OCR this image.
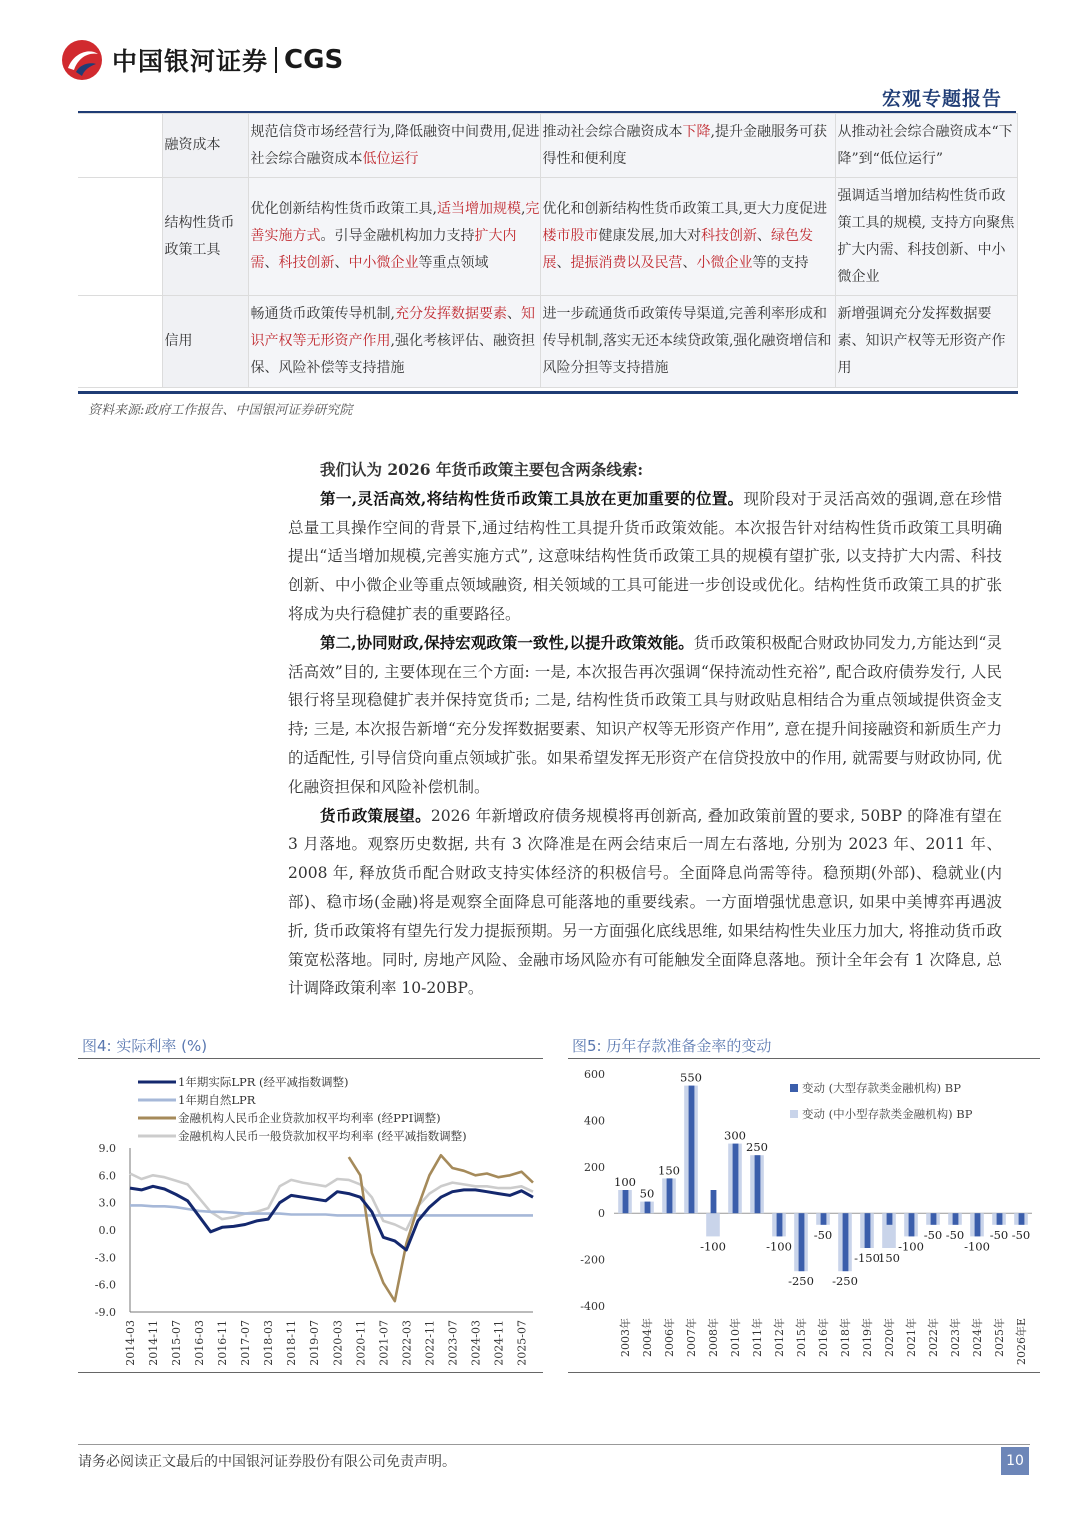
中国银河证券 CGS
宏观专题报告
	融资成本	规范信贷市场经营行为,降低融资中间费用,促进社会综合融资成本低位运行	推动社会综合融资成本下降,提升金融服务可获得性和便利度	从推动社会综合融资成本“下降”到“低位运行”
	结构性货币政策工具	优化创新结构性货币政策工具,适当增加规模,完善实施方式。引导金融机构加力支持扩大内需、科技创新、中小微企业等重点领域	优化和创新结构性货币政策工具,更大力度促进楼市股市健康发展,加大对科技创新、绿色发展、提振消费以及民营、小微企业等的支持	强调适当增加结构性货币政策工具的规模, 支持方向聚焦扩大内需、科技创新、中小微企业
	信用	畅通货币政策传导机制,充分发挥数据要素、知识产权等无形资产作用,强化考核评估、融资担保、风险补偿等支持措施	进一步疏通货币政策传导渠道,完善利率形成和传导机制,落实无还本续贷政策,强化融资增信和风险分担等支持措施	新增强调充分发挥数据要素、知识产权等无形资产作用
资料来源:政府工作报告、中国银河证券研究院

我们认为 2026 年货币政策主要包含两条线索:

第一,灵活高效,将结构性货币政策工具放在更加重要的位置。现阶段对于灵活高效的强调,意在珍惜总量工具操作空间的背景下,通过结构性工具提升货币政策效能。本次报告针对结构性货币政策工具明确提出“适当增加规模,完善实施方式”, 这意味结构性货币政策工具的规模有望扩张, 以支持扩大内需、科技创新、中小微企业等重点领域融资, 相关领域的工具可能进一步创设或优化。结构性货币政策工具的扩张将成为央行稳健扩表的重要路径。

第二,协同财政,保持宏观政策一致性,以提升政策效能。货币政策积极配合财政协同发力,方能达到“灵活高效”目的, 主要体现在三个方面: 一是, 本次报告再次强调“保持流动性充裕”, 配合政府债券发行, 人民银行将呈现稳健扩表并保持宽货币; 二是, 结构性货币政策工具与财政贴息相结合为重点领域提供资金支持; 三是, 本次报告新增“充分发挥数据要素、知识产权等无形资产作用”, 意在提升间接融资和新质生产力的适配性, 引导信贷向重点领域扩张。如果希望发挥无形资产在信贷投放中的作用, 就需要与财政协同, 优化融资担保和风险补偿机制。

货币政策展望。2026 年新增政府债务规模将再创新高, 叠加政策前置的要求, 50BP 的降准有望在 3 月落地。观察历史数据, 共有 3 次降准是在两会结束后一周左右落地, 分别为 2023 年、2011 年、2008 年, 释放货币配合财政支持实体经济的积极信号。全面降息尚需等待。稳预期(外部)、稳就业(内部)、稳市场(金融)将是观察全面降息可能落地的重要线索。一方面増强忧患意识, 如果中美博弈再遇波折, 货币政策将有望先行发力提振预期。另一方面强化底线思维, 如果结构性失业压力加大, 将推动货币政策宽松落地。同时, 房地产风险、金融市场风险亦有可能触发全面降息落地。预计全年会有 1 次降息, 总计调降政策利率 10-20BP。

图4: 实际利率 (%)
9.0
6.0
3.0
0.0
-3.0
-6.0
-9.0
2014-03 2014-11 2015-07 2016-03 2016-11 2017-07 2018-03 2018-11 2019-07 2020-03 2020-11 2021-07 2022-03 2022-11 2023-07 2024-03 2024-11 2025-07
1年期实际LPR (经平减指数调整)
1年期自然LPR
金融机构人民币企业贷款加权平均利率 (经PPI调整)
金融机构人民币一般贷款加权平均利率 (经平减指数调整)
图5: 历年存款准备金率的变动
600
400
200
0
-200
-400
2003年 2004年 2006年 2007年 2008年 2010年 2011年 2012年 2015年 2016年 2018年 2019年 2020年 2021年 2022年 2023年 2024年 2025年 2026年E
100
50
150
550
-100
300
250
-100
-250
-50
-250
-150
150
-100
-50 -50
-100
-50 -50
变动 (大型存款类金融机构) BP
变动 (中小型存款类金融机构) BP
请务必阅读正文最后的中国银河证券股份有限公司免责声明。	10
